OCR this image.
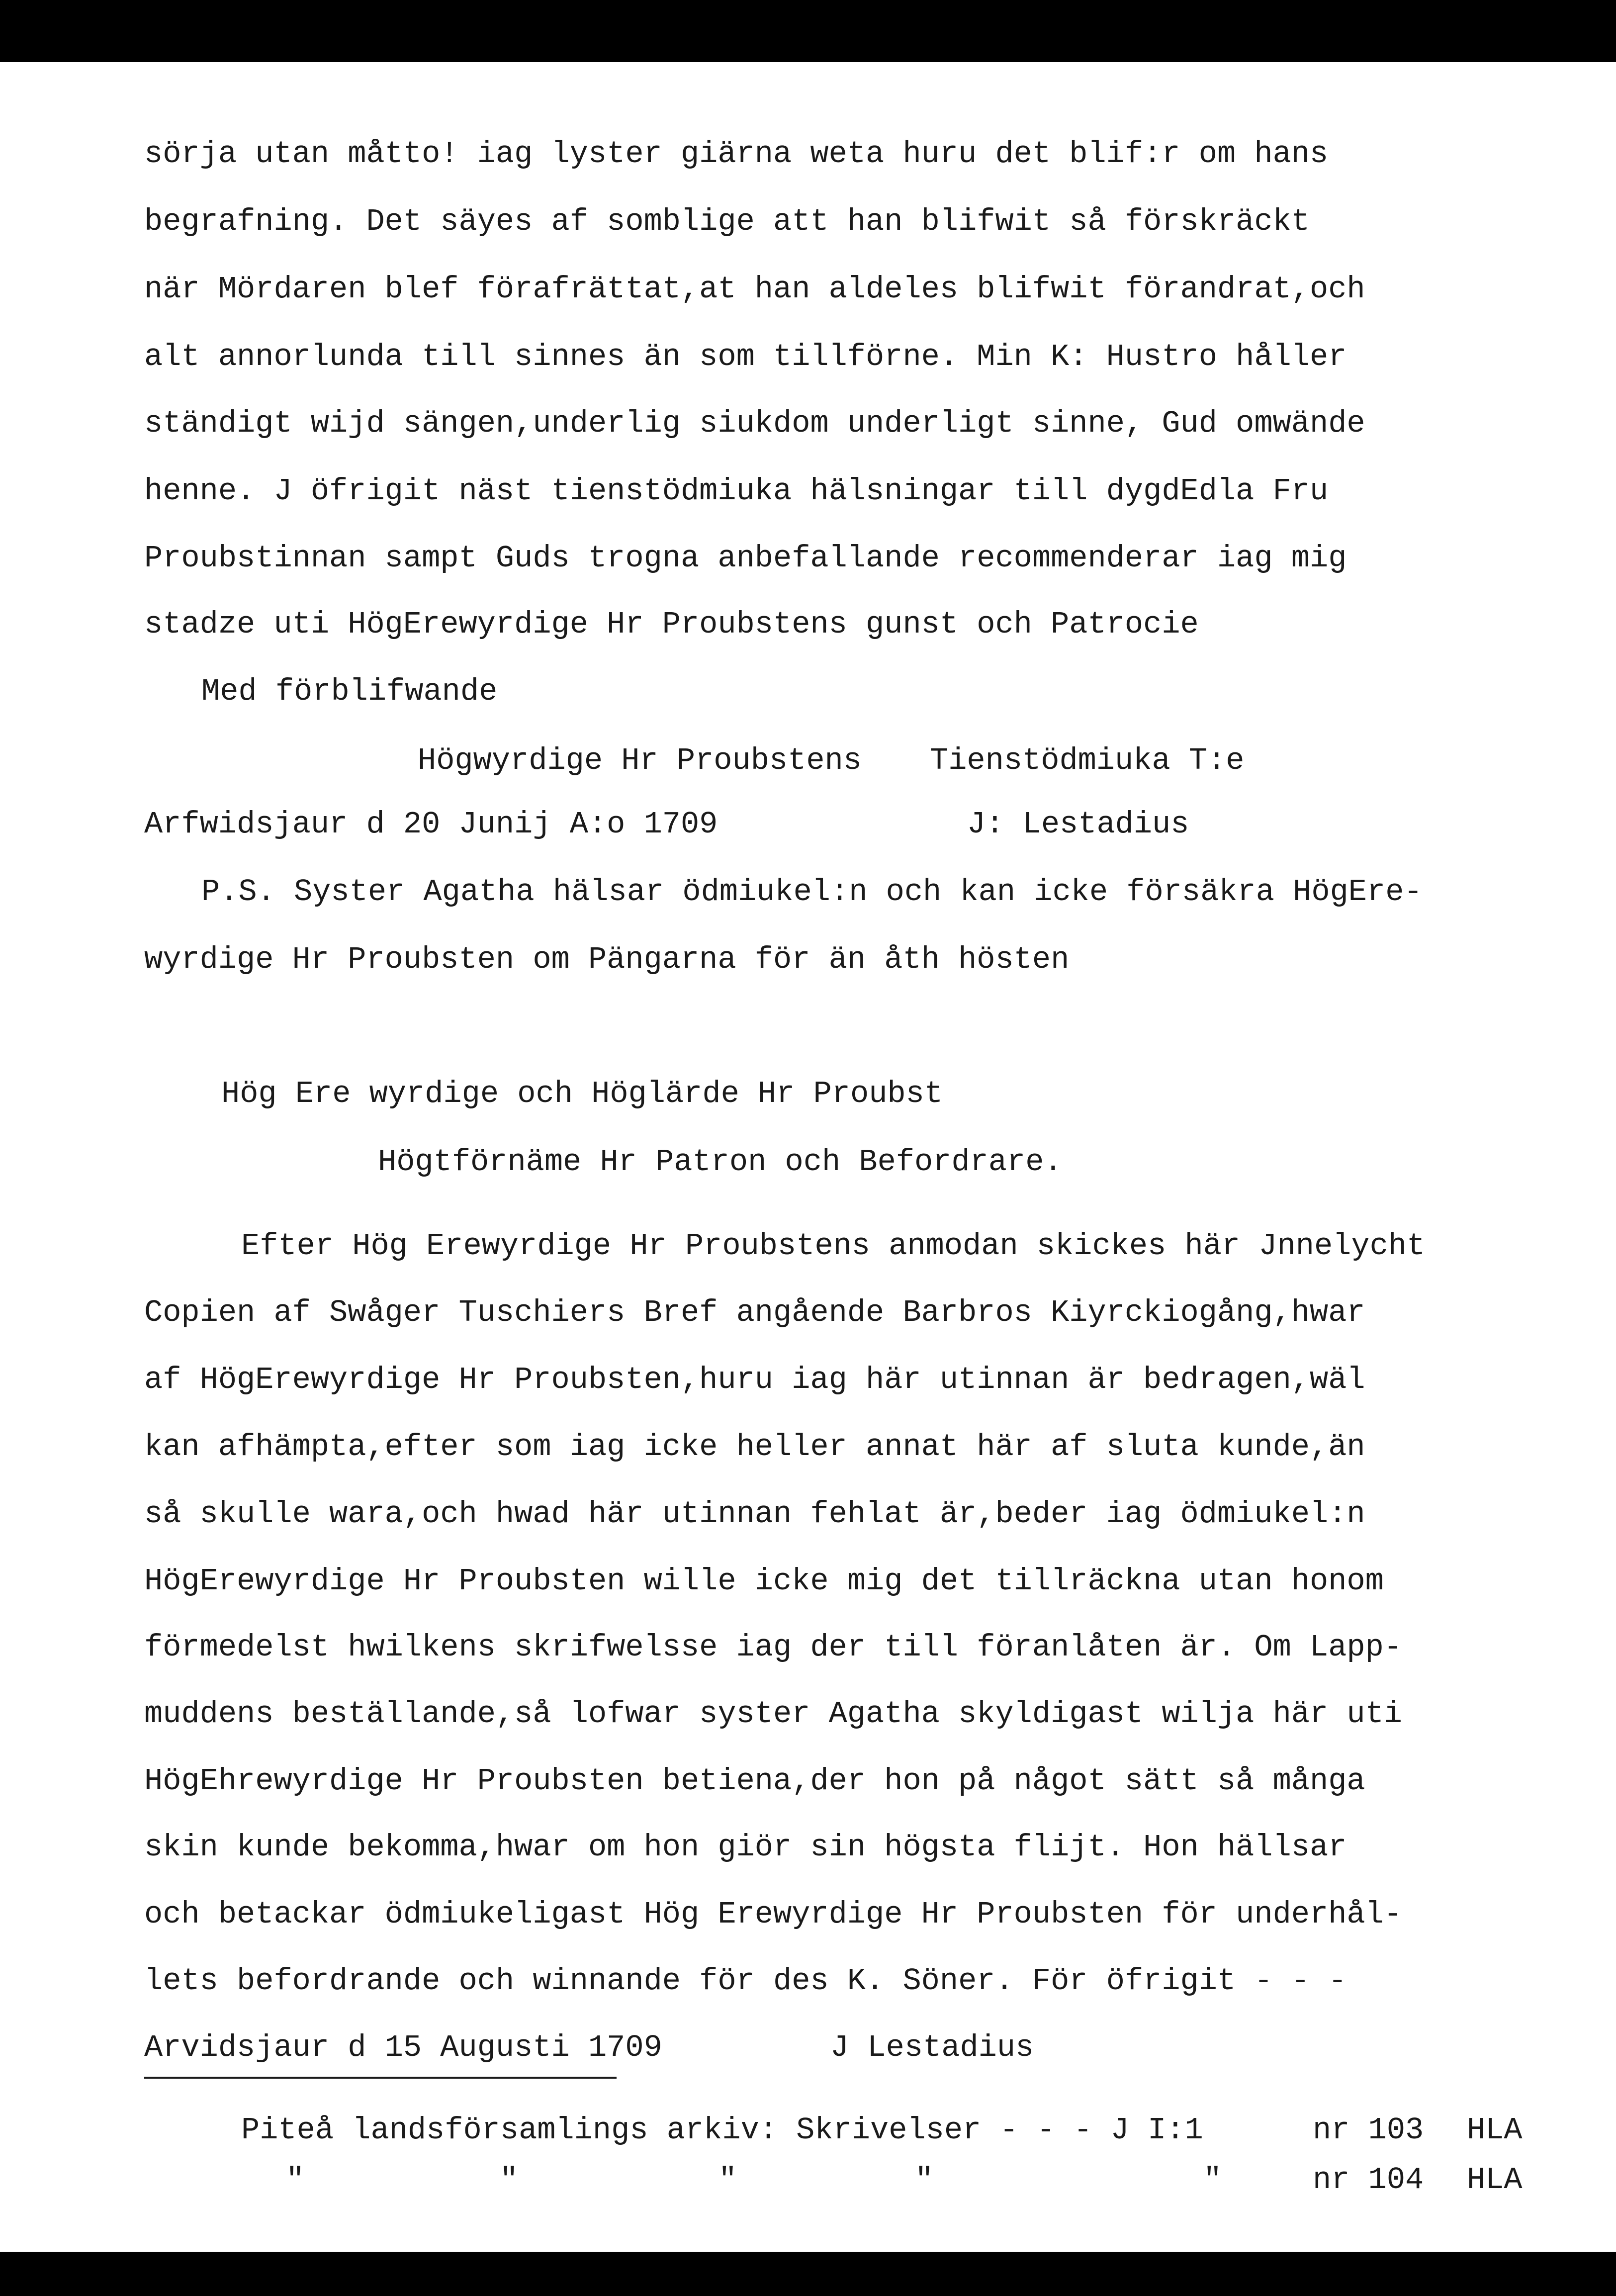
sörja utan måtto! iag lyster giärna weta huru det blif:r om hans
begrafning. Det säyes af somblige att han blifwit så förskräckt
när Mördaren blef förafrättat,at han aldeles blifwit förandrat,och
alt annorlunda till sinnes än som tillförne. Min K: Hustro håller
ständigt wijd sängen,underlig siukdom underligt sinne, Gud omwände
henne. J öfrigit näst tienstödmiuka hälsningar till dygdEdla Fru
Proubstinnan sampt Guds trogna anbefallande recommenderar iag mig
stadze uti HögErewyrdige Hr Proubstens gunst och Patrocie
Med förblifwande
Högwyrdige Hr Proubstens Tienstödmiuka T:e
Arfwidsjaur d 20 Junij A:o 1709	J: Lestadius
P.S. Syster Agatha hälsar ödmiukel:n och kan icke försäkra HögEre-
wyrdige Hr Proubsten om Pängarna för än åth hösten
Hög Ere wyrdige och Höglärde Hr Proubst
Högtförnäme Hr Patron och Befordrare.
Efter Hög Erewyrdige Hr Proubstens anmodan skickes här Jnnelycht
Copien af Swåger Tuschiers Bref angående Barbros Kiyrckiogång,hwar
af HögErewyrdige Hr Proubsten,huru iag här utinnan är bedragen,wäl
kan afhämpta,efter som iag icke heller annat här af sluta kunde,än
så skulle wara,och hwad här utinnan fehlat är,beder iag ödmiukel:n
HögErewyrdige Hr Proubsten wille icke mig det tillräckna utan honom
förmedelst hwilkens skrifwelsse iag der till föranlåten är. Om Lapp-
muddens beställande,så lofwar syster Agatha skyldigast wilja här uti
HögEhrewyrdige Hr Proubsten betiena,der hon på något sätt så många
skin kunde bekomma,hwar om hon giör sin högsta flijt. Hon hällsar
och betackar ödmiukeligast Hög Erewyrdige Hr Proubsten för underhål-
lets befordrande och winnande för des K. Söner. För öfrigit - - -
Arvidsjaur d 15 Augusti 1709	J Lestadius
Piteå landsförsamlings arkiv: Skrivelser - - - J I:1	nr 103 HLA
"	"	"	"	"	nr 104 HLA
